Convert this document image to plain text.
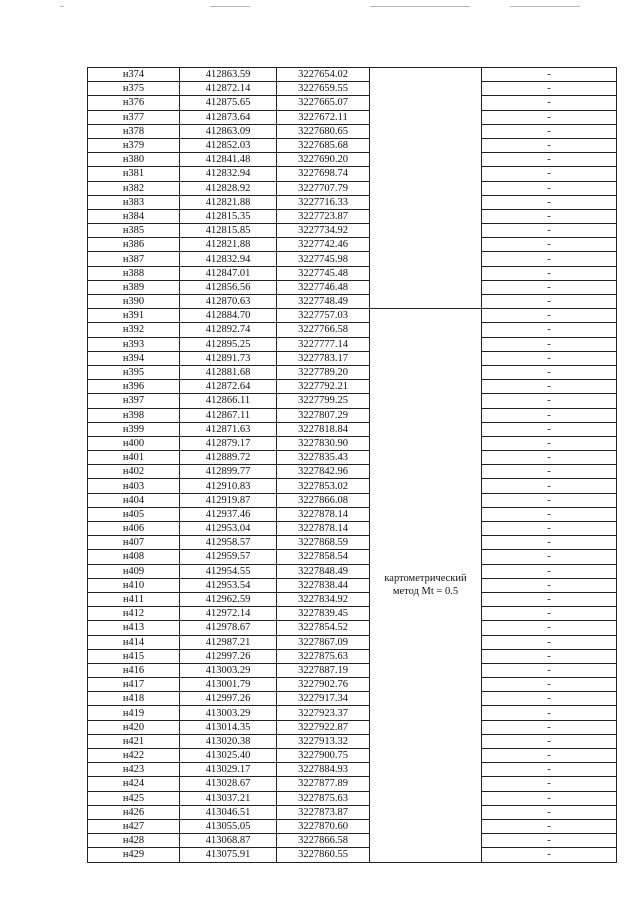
н374	412863.59	3227654.02		-
н375	412872.14	3227659.55		-
н376	412875.65	3227665.07		-
н377	412873.64	3227672.11		-
н378	412863.09	3227680.65		-
н379	412852.03	3227685.68		-
н380	412841.48	3227690.20		-
н381	412832.94	3227698.74		-
н382	412828.92	3227707.79		-
н383	412821.88	3227716.33		-
н384	412815.35	3227723.87		-
н385	412815.85	3227734.92		-
н386	412821.88	3227742.46		-
н387	412832.94	3227745.98		-
н388	412847.01	3227745.48		-
н389	412856.56	3227746.48		-
н390	412870.63	3227748.49		-
н391	412884.70	3227757.03	картометрический
метод Mt = 0.5	-
н392	412892.74	3227766.58		-
н393	412895.25	3227777.14		-
н394	412891.73	3227783.17		-
н395	412881.68	3227789.20		-
н396	412872.64	3227792.21		-
н397	412866.11	3227799.25		-
н398	412867.11	3227807.29		-
н399	412871.63	3227818.84		-
н400	412879.17	3227830.90		-
н401	412889.72	3227835.43		-
н402	412899.77	3227842.96		-
н403	412910.83	3227853.02		-
н404	412919.87	3227866.08		-
н405	412937.46	3227878.14		-
н406	412953.04	3227878.14		-
н407	412958.57	3227868.59		-
н408	412959.57	3227858.54		-
н409	412954.55	3227848.49		-
н410	412953.54	3227838.44		-
н411	412962.59	3227834.92		-
н412	412972.14	3227839.45		-
н413	412978.67	3227854.52		-
н414	412987.21	3227867.09		-
н415	412997.26	3227875.63		-
н416	413003.29	3227887.19		-
н417	413001.79	3227902.76		-
н418	412997.26	3227917.34		-
н419	413003.29	3227923.37		-
н420	413014.35	3227922.87		-
н421	413020.38	3227913.32		-
н422	413025.40	3227900.75		-
н423	413029.17	3227884.93		-
н424	413028.67	3227877.89		-
н425	413037.21	3227875.63		-
н426	413046.51	3227873.87		-
н427	413055.05	3227870.60		-
н428	413068.87	3227866.58		-
н429	413075.91	3227860.55		-
